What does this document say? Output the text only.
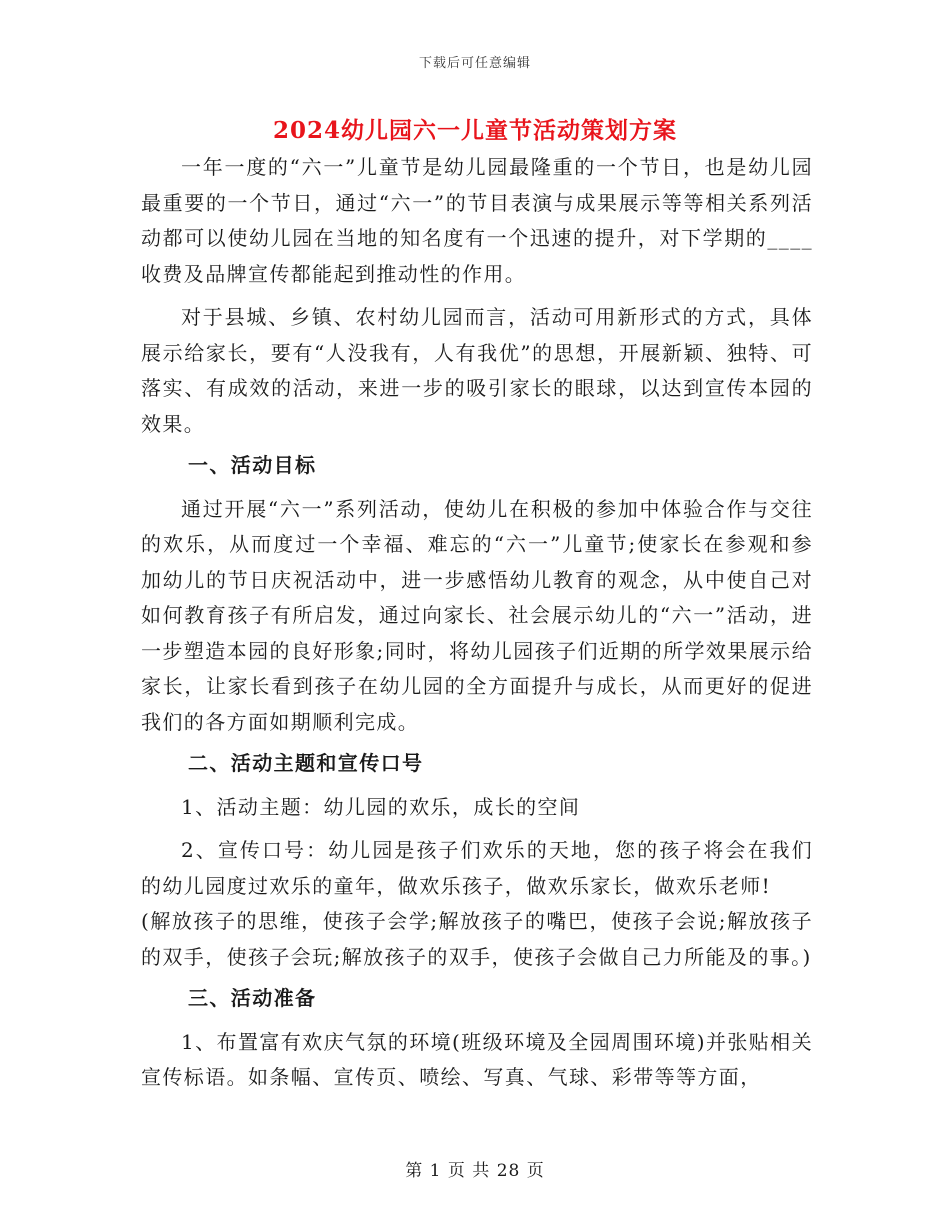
下载后可任意编辑
2024幼儿园六一儿童节活动策划方案

一年一度的“六一”儿童节是幼儿园最隆重的一个节日，也是幼儿园最重要的一个节日，通过“六一”的节目表演与成果展示等等相关系列活动都可以使幼儿园在当地的知名度有一个迅速的提升，对下学期的____收费及品牌宣传都能起到推动性的作用。

对于县城、乡镇、农村幼儿园而言，活动可用新形式的方式，具体展示给家长，要有“人没我有，人有我优”的思想，开展新颖、独特、可落实、有成效的活动，来进一步的吸引家长的眼球，以达到宣传本园的效果。

一、活动目标

通过开展“六一”系列活动，使幼儿在积极的参加中体验合作与交往的欢乐，从而度过一个幸福、难忘的“六一”儿童节;使家长在参观和参加幼儿的节日庆祝活动中，进一步感悟幼儿教育的观念，从中使自己对如何教育孩子有所启发，通过向家长、社会展示幼儿的“六一”活动，进一步塑造本园的良好形象;同时，将幼儿园孩子们近期的所学效果展示给家长，让家长看到孩子在幼儿园的全方面提升与成长，从而更好的促进我们的各方面如期顺利完成。

二、活动主题和宣传口号

1、活动主题：幼儿园的欢乐，成长的空间

2、宣传口号：幼儿园是孩子们欢乐的天地，您的孩子将会在我们的幼儿园度过欢乐的童年，做欢乐孩子，做欢乐家长，做欢乐老师!

(解放孩子的思维，使孩子会学;解放孩子的嘴巴，使孩子会说;解放孩子的双手，使孩子会玩;解放孩子的双手，使孩子会做自己力所能及的事。)

三、活动准备

1、布置富有欢庆气氛的环境(班级环境及全园周围环境)并张贴相关宣传标语。如条幅、宣传页、喷绘、写真、气球、彩带等等方面，

第 1 页 共 28 页
